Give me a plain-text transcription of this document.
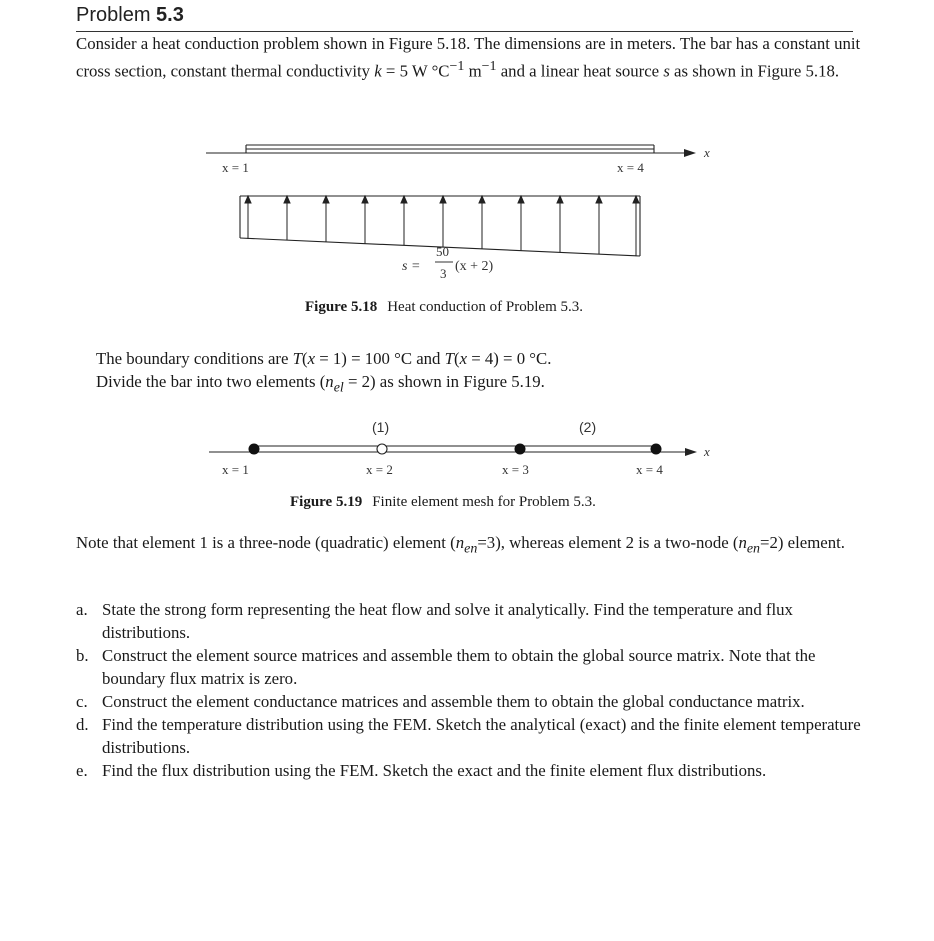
Problem 5.3
Consider a heat conduction problem shown in Figure 5.18. The dimensions are in meters. The bar has a constant unit cross section, constant thermal conductivity k = 5 W $^\circ C^{-1}$ $m^{-1}$ and a linear heat source s as shown in Figure 5.18.
x
x = 1	x = 4
s =
50
3 (x + 2)
Figure 5.18 Heat conduction of Problem 5.3.
The boundary conditions are T(x = 1) = 100 °C and T(x = 4) = 0 °C.
Divide the bar into two elements $(n_{el} = 2)$ as shown in Figure 5.19.
(1)	(2)
x
x = 1	x = 2	x = 3	x = 4
Figure 5.19 Finite element mesh for Problem 5.3.
Note that element 1 is a three-node (quadratic) element $(n_{en}=3)$, whereas element 2 is a two-node $(n_{en}=2)$ element.
a. State the strong form representing the heat flow and solve it analytically. Find the temperature and flux distributions.
b. Construct the element source matrices and assemble them to obtain the global source matrix. Note that the boundary flux matrix is zero.
c. Construct the element conductance matrices and assemble them to obtain the global conductance matrix.
d. Find the temperature distribution using the FEM. Sketch the analytical (exact) and the finite element temperature distributions.
e. Find the flux distribution using the FEM. Sketch the exact and the finite element flux distributions.
